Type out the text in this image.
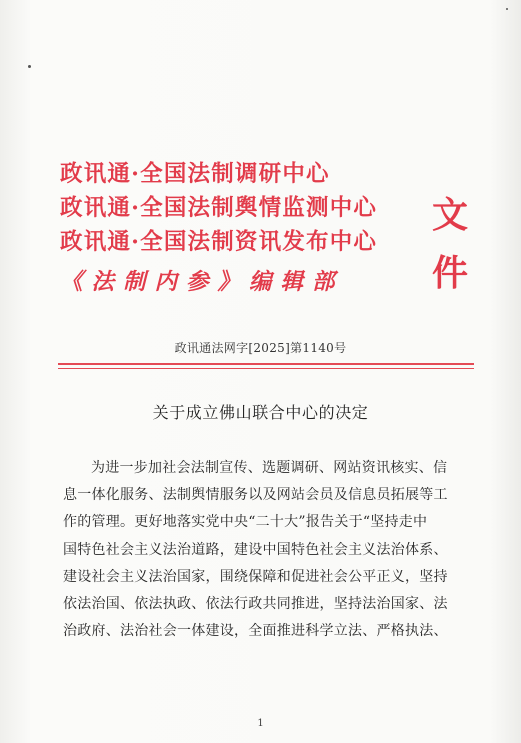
政讯通·全国法制调研中心
政讯通·全国法制舆情监测中心
政讯通·全国法制资讯发布中心
《法制内参》编辑部
文
件
政讯通法网字[2025]第1140号
关于成立佛山联合中心的决定
为进一步加社会法制宣传、选题调研、网站资讯核实、信
息一体化服务、法制舆情服务以及网站会员及信息员拓展等工
作的管理。更好地落实党中央“二十大”报告关于“坚持走中
国特色社会主义法治道路，建设中国特色社会主义法治体系、
建设社会主义法治国家，围绕保障和促进社会公平正义，坚持
依法治国、依法执政、依法行政共同推进，坚持法治国家、法
治政府、法治社会一体建设，全面推进科学立法、严格执法、
1
